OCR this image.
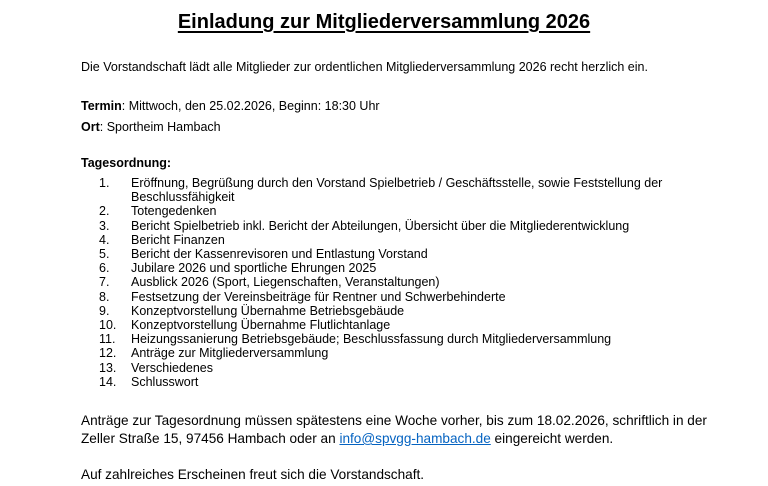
Einladung zur Mitgliederversammlung 2026
Die Vorstandschaft lädt alle Mitglieder zur ordentlichen Mitgliederversammlung 2026 recht herzlich ein.
Termin: Mittwoch, den 25.02.2026, Beginn: 18:30 Uhr
Ort: Sportheim Hambach
Tagesordnung:
1.	Eröffnung, Begrüßung durch den Vorstand Spielbetrieb / Geschäftsstelle, sowie Feststellung der Beschlussfähigkeit
2.	Totengedenken
3.	Bericht Spielbetrieb inkl. Bericht der Abteilungen, Übersicht über die Mitgliederentwicklung
4.	Bericht Finanzen
5.	Bericht der Kassenrevisoren und Entlastung Vorstand
6.	Jubilare 2026 und sportliche Ehrungen 2025
7.	Ausblick 2026 (Sport, Liegenschaften, Veranstaltungen)
8.	Festsetzung der Vereinsbeiträge für Rentner und Schwerbehinderte
9.	Konzeptvorstellung Übernahme Betriebsgebäude
10.	Konzeptvorstellung Übernahme Flutlichtanlage
11.	Heizungssanierung Betriebsgebäude; Beschlussfassung durch Mitgliederversammlung
12.	Anträge zur Mitgliederversammlung
13.	Verschiedenes
14.	Schlusswort
Anträge zur Tagesordnung müssen spätestens eine Woche vorher, bis zum 18.02.2026, schriftlich in der Zeller Straße 15, 97456 Hambach oder an info@spvgg-hambach.de eingereicht werden.
Auf zahlreiches Erscheinen freut sich die Vorstandschaft.
